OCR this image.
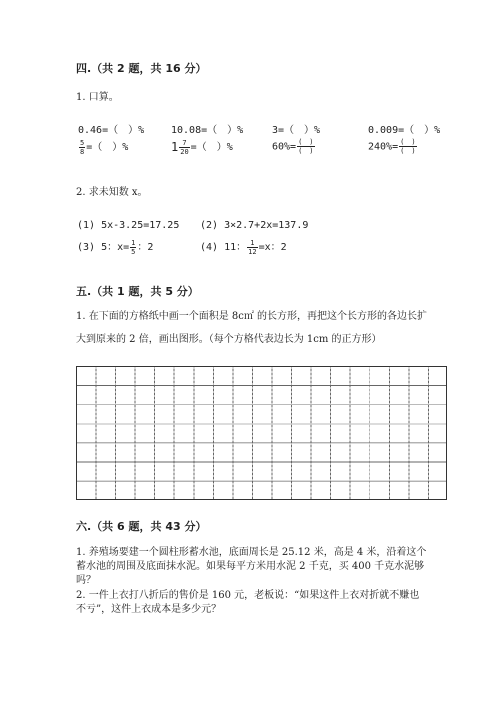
四.（共 2 题，共 16 分）
1. 口算。
0.46=（　）%	10.08=（　）%	3=（　）%	0.009=（　）%
$\frac{5}{8}$ =（　）%	$1 \frac{7}{20}$ =（　）%	$60\%= \frac{( )}{( )}$	$240\%= \frac{( )}{( )}$
2. 求未知数 x。
(1) 5x-3.25=17.25 (2) 3×2.7+2x=137.9
(3) 5：$x= \frac{1}{5}$ ：2	(4) 11： $\frac{1}{12} =x$：2
五.（共 1 题，共 5 分）
1. 在下面的方格纸中画一个面积是 8c㎡ 的长方形，再把这个长方形的各边长扩
大到原来的 2 倍，画出图形。（每个方格代表边长为 1cm 的正方形）
六.（共 6 题，共 43 分）
1. 养殖场要建一个圆柱形蓄水池，底面周长是 25.12 米，高是 4 米，沿着这个
蓄水池的周围及底面抹水泥。如果每平方米用水泥 2 千克，买 400 千克水泥够
吗？
2. 一件上衣打八折后的售价是 160 元，老板说：“如果这件上衣对折就不赚也
不亏”，这件上衣成本是多少元？
